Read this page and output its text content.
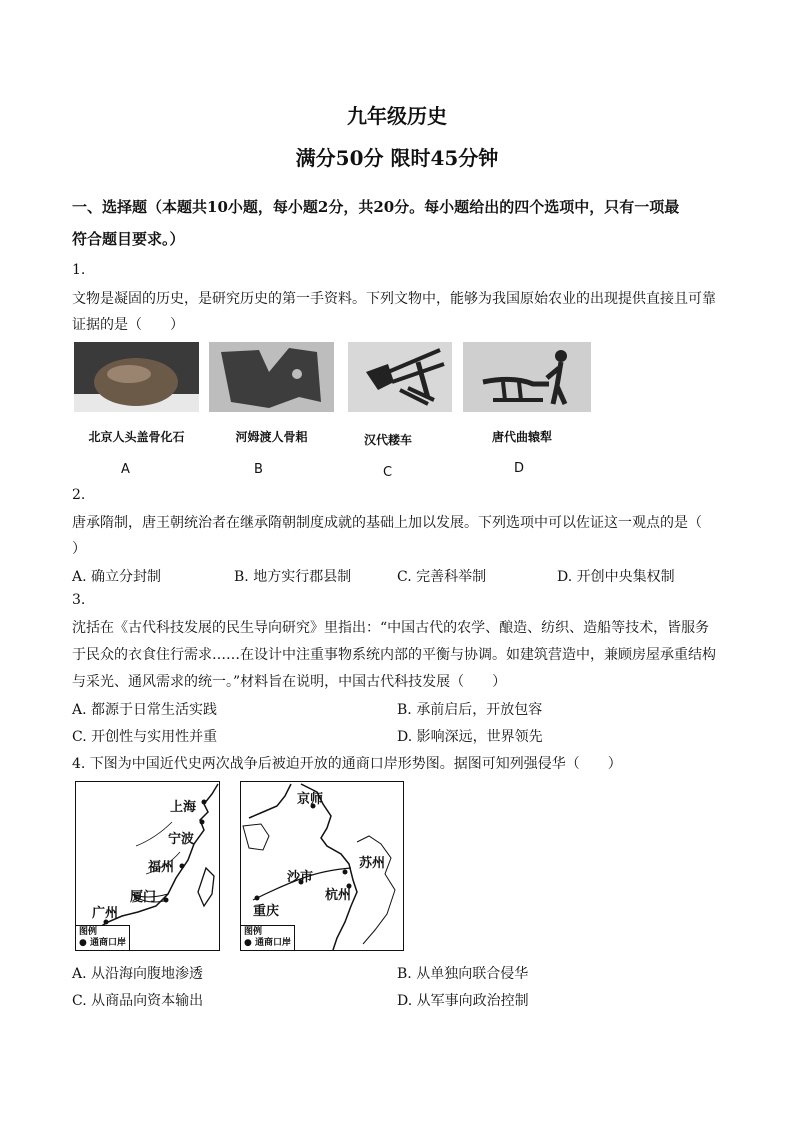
九年级历史
满分50分 限时45分钟
一、选择题（本题共10小题，每小题2分，共20分。每小题给出的四个选项中，只有一项最
符合题目要求。）
1.
文物是凝固的历史，是研究历史的第一手资料。下列文物中，能够为我国原始农业的出现提供直接且可靠
证据的是（　　）
北京人头盖骨化石	河姆渡人骨耜	汉代耧车	唐代曲辕犁
A	B	C	D
2.
唐承隋制，唐王朝统治者在继承隋朝制度成就的基础上加以发展。下列选项中可以佐证这一观点的是（
）
A. 确立分封制	B. 地方实行郡县制	C. 完善科举制	D. 开创中央集权制
3.
沈括在《古代科技发展的民生导向研究》里指出：“中国古代的农学、酿造、纺织、造船等技术，皆服务
于民众的衣食住行需求……在设计中注重事物系统内部的平衡与协调。如建筑营造中，兼顾房屋承重结构
与采光、通风需求的统一。”材料旨在说明，中国古代科技发展（　　）
A. 都源于日常生活实践	B. 承前启后，开放包容
C. 开创性与实用性并重	D. 影响深远，世界领先
4. 下图为中国近代史两次战争后被迫开放的通商口岸形势图。据图可知列强侵华（　　）
上海
宁波
福州
厦门
广州
图例
● 通商口岸
京师
苏州
沙市
杭州
重庆
图例
● 通商口岸
A. 从沿海向腹地渗透	B. 从单独向联合侵华
C. 从商品向资本输出	D. 从军事向政治控制
